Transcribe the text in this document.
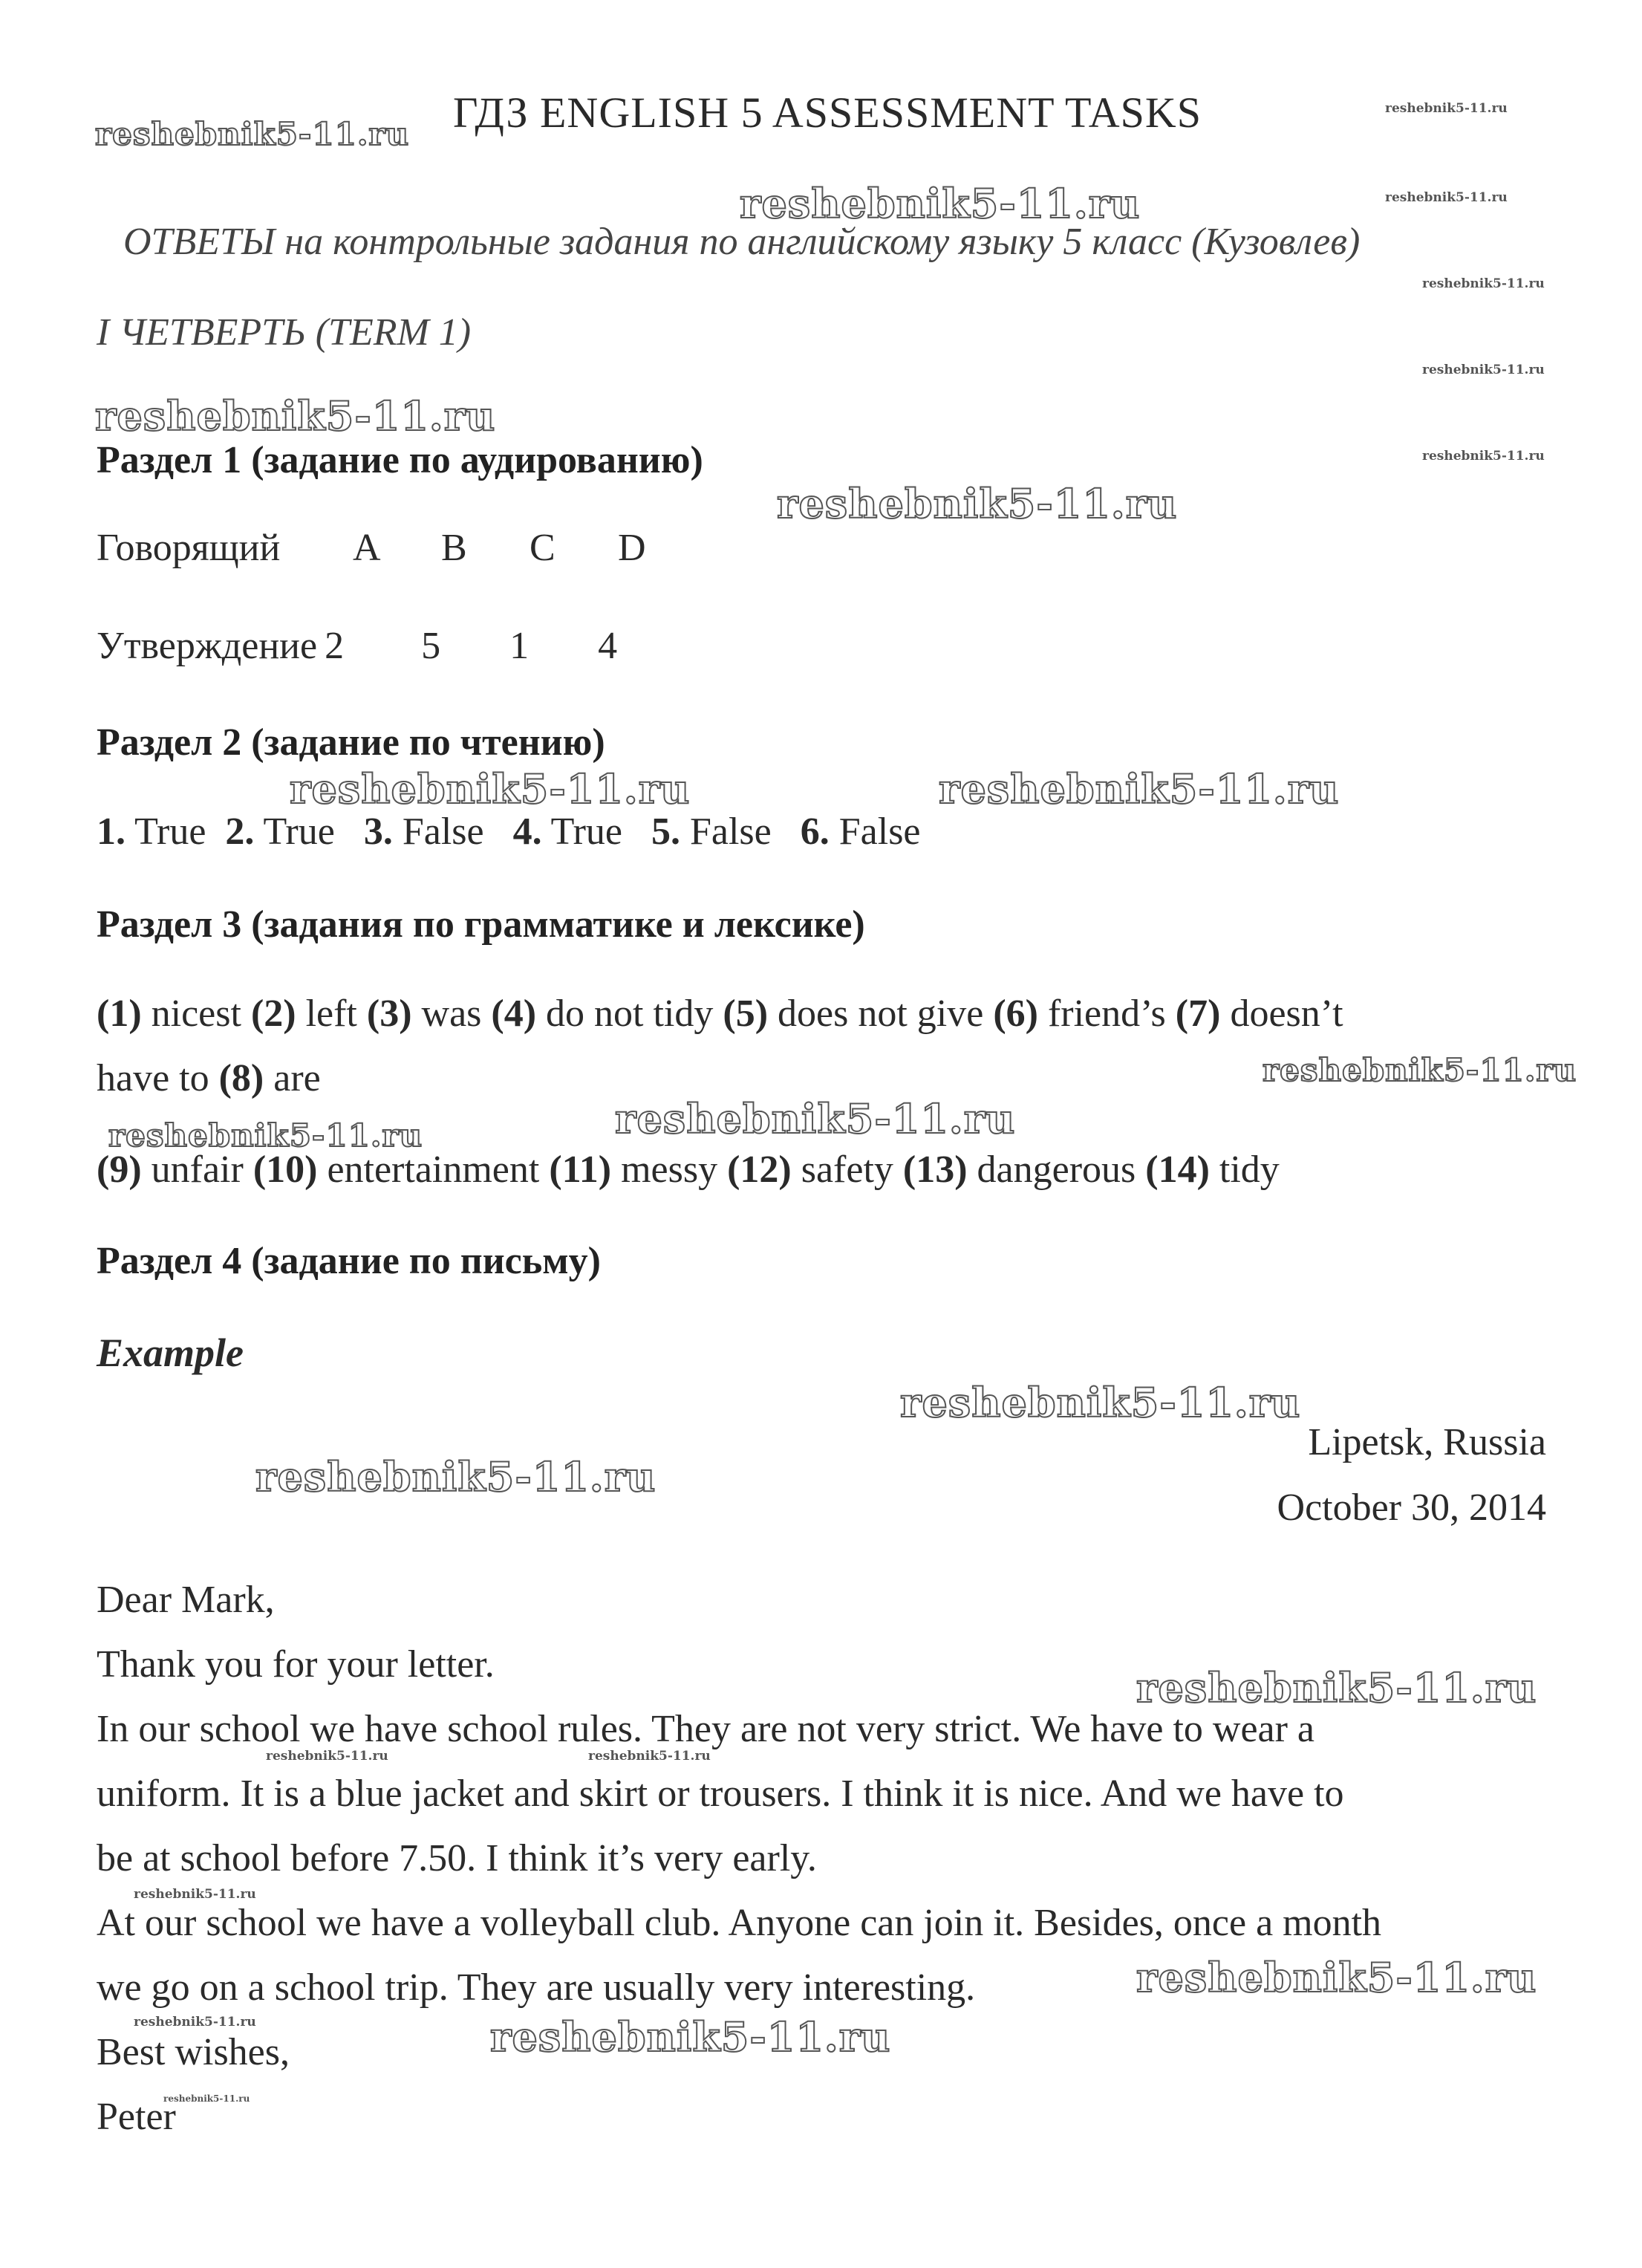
ГДЗ ENGLISH 5 ASSESSMENT TASKS
ОТВЕТЫ на контрольные задания по английскому языку 5 класс (Кузовлев)
I ЧЕТВЕРТЬ (TERM 1)
Раздел 1 (задание по аудированию)
Говорящий A B C D
Утверждение 2 5 1 4
Раздел 2 (задание по чтению)
1. True 2. True 3. False 4. True 5. False 6. False
Раздел 3 (задания по грамматике и лексике)
(1) nicest (2) left (3) was (4) do not tidy (5) does not give (6) friend’s (7) doesn’t
have to (8) are
(9) unfair (10) entertainment (11) messy (12) safety (13) dangerous (14) tidy
Раздел 4 (задание по письму)
Example
Lipetsk, Russia
October 30, 2014
Dear Mark,
Thank you for your letter.
In our school we have school rules. They are not very strict. We have to wear a
uniform. It is a blue jacket and skirt or trousers. I think it is nice. And we have to
be at school before 7.50. I think it’s very early.
At our school we have a volleyball club. Anyone can join it. Besides, once a month
we go on a school trip. They are usually very interesting.
Best wishes,
Peter
reshebnik5-11.ru
reshebnik5-11.ru
reshebnik5-11.ru	reshebnik5-11.ru
reshebnik5-11.ru
reshebnik5-11.ru
reshebnik5-11.ru
reshebnik5-11.ru
reshebnik5-11.ru
reshebnik5-11.ru	reshebnik5-11.ru
reshebnik5-11.ru
reshebnik5-11.ru	reshebnik5-11.ru
reshebnik5-11.ru
reshebnik5-11.ru
reshebnik5-11.ru
reshebnik5-11.ru	reshebnik5-11.ru
reshebnik5-11.ru
reshebnik5-11.ru
reshebnik5-11.ru	reshebnik5-11.ru
reshebnik5-11.ru
